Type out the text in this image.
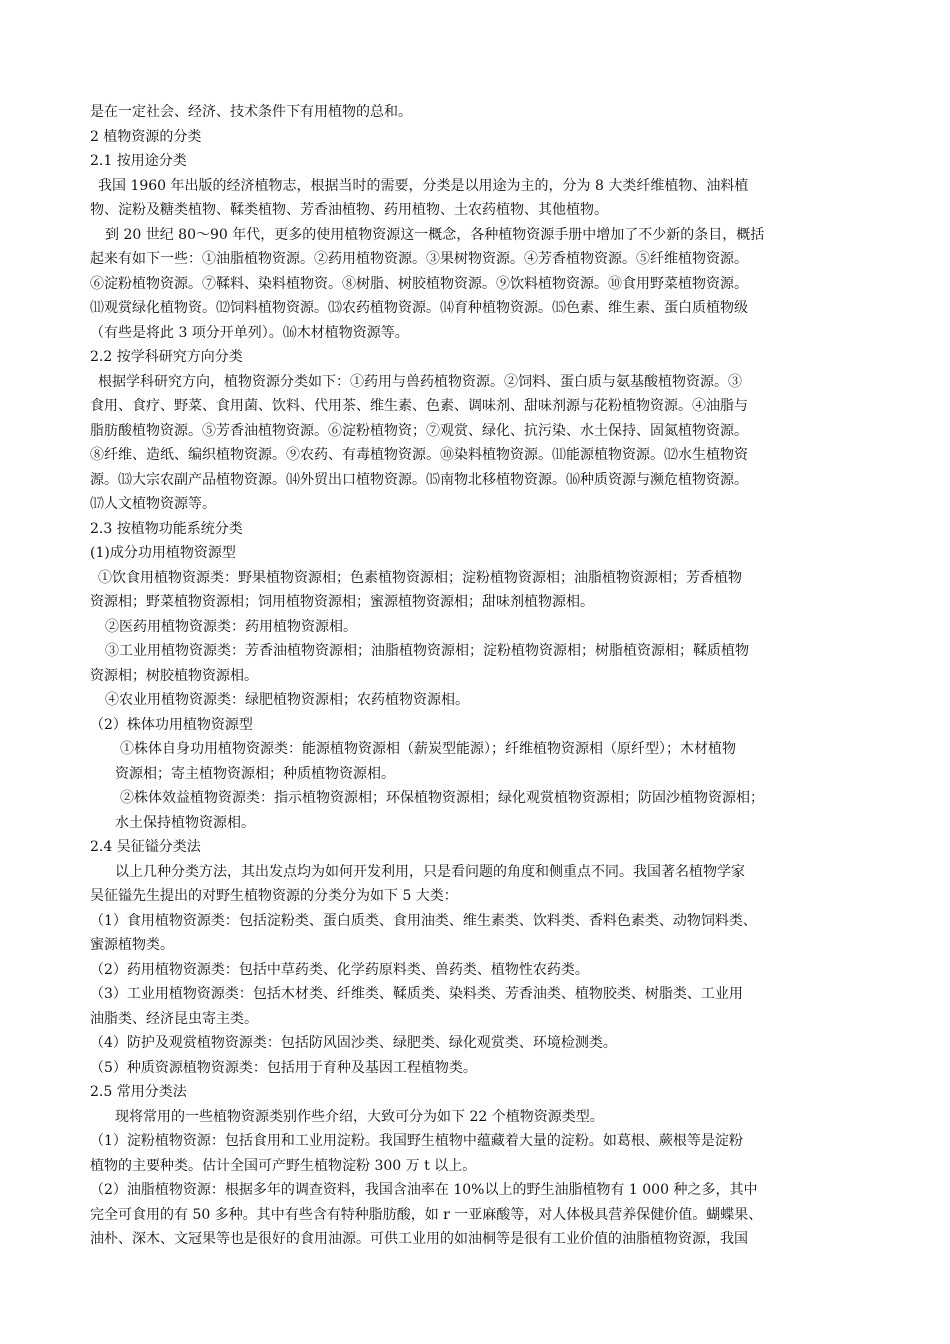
是在一定社会、经济、技术条件下有用植物的总和。
2 植物资源的分类
2.1 按用途分类
我国 1960 年出版的经济植物志，根据当时的需要，分类是以用途为主的，分为 8 大类纤维植物、油料植
物、淀粉及糖类植物、鞣类植物、芳香油植物、药用植物、土农药植物、其他植物。
到 20 世纪 80～90 年代，更多的使用植物资源这一概念，各种植物资源手册中增加了不少新的条目，概括
起来有如下一些：①油脂植物资源。②药用植物资源。③果树物资源。④芳香植物资源。⑤纤维植物资源。
⑥淀粉植物资源。⑦鞣料、染料植物资。⑧树脂、树胶植物资源。⑨饮料植物资源。⑩食用野菜植物资源。
⑾观赏绿化植物资。⑿饲料植物资源。⒀农药植物资源。⒁育种植物资源。⒂色素、维生素、蛋白质植物级
（有些是将此 3 项分开单列）。⒃木材植物资源等。
2.2 按学科研究方向分类
根据学科研究方向，植物资源分类如下：①药用与兽药植物资源。②饲料、蛋白质与氨基酸植物资源。③
食用、食疗、野菜、食用菌、饮料、代用茶、维生素、色素、调味剂、甜味剂源与花粉植物资源。④油脂与
脂肪酸植物资源。⑤芳香油植物资源。⑥淀粉植物资；⑦观赏、绿化、抗污染、水土保持、固氮植物资源。
⑧纤维、造纸、编织植物资源。⑨农药、有毒植物资源。⑩染料植物资源。⑾能源植物资源。⑿水生植物资
源。⒀大宗农副产品植物资源。⒁外贸出口植物资源。⒂南物北移植物资源。⒃种质资源与濒危植物资源。
⒄人文植物资源等。
2.3 按植物功能系统分类
(1)成分功用植物资源型
①饮食用植物资源类：野果植物资源相；色素植物资源相；淀粉植物资源相；油脂植物资源相；芳香植物
资源相；野菜植物资源相；饲用植物资源相；蜜源植物资源相；甜味剂植物源相。
②医药用植物资源类：药用植物资源相。
③工业用植物资源类：芳香油植物资源相；油脂植物资源相；淀粉植物资源相；树脂植资源相；鞣质植物
资源相；树胶植物资源相。
④农业用植物资源类：绿肥植物资源相；农药植物资源相。
（2）株体功用植物资源型
①株体自身功用植物资源类：能源植物资源相（薪炭型能源）；纤维植物资源相（原纤型）；木材植物
资源相；寄主植物资源相；种质植物资源相。
②株体效益植物资源类：指示植物资源相；环保植物资源相；绿化观赏植物资源相；防固沙植物资源相；
水土保持植物资源相。
2.4 吴征镒分类法
以上几种分类方法，其出发点均为如何开发利用，只是看问题的角度和侧重点不同。我国著名植物学家
吴征镒先生提出的对野生植物资源的分类分为如下 5 大类：
（1）食用植物资源类：包括淀粉类、蛋白质类、食用油类、维生素类、饮料类、香料色素类、动物饲料类、
蜜源植物类。
（2）药用植物资源类：包括中草药类、化学药原料类、兽药类、植物性农药类。
（3）工业用植物资源类：包括木材类、纤维类、鞣质类、染料类、芳香油类、植物胶类、树脂类、工业用
油脂类、经济昆虫寄主类。
（4）防护及观赏植物资源类：包括防风固沙类、绿肥类、绿化观赏类、环境检测类。
（5）种质资源植物资源类：包括用于育种及基因工程植物类。
2.5 常用分类法
现将常用的一些植物资源类别作些介绍，大致可分为如下 22 个植物资源类型。
（1）淀粉植物资源：包括食用和工业用淀粉。我国野生植物中蕴藏着大量的淀粉。如葛根、蕨根等是淀粉
植物的主要种类。估计全国可产野生植物淀粉 300 万 t 以上。
（2）油脂植物资源：根据多年的调查资料，我国含油率在 10%以上的野生油脂植物有 1 000 种之多，其中
完全可食用的有 50 多种。其中有些含有特种脂肪酸，如 r 一亚麻酸等，对人体极具营养保健价值。蝴蝶果、
油朴、深木、文冠果等也是很好的食用油源。可供工业用的如油桐等是很有工业价值的油脂植物资源，我国
